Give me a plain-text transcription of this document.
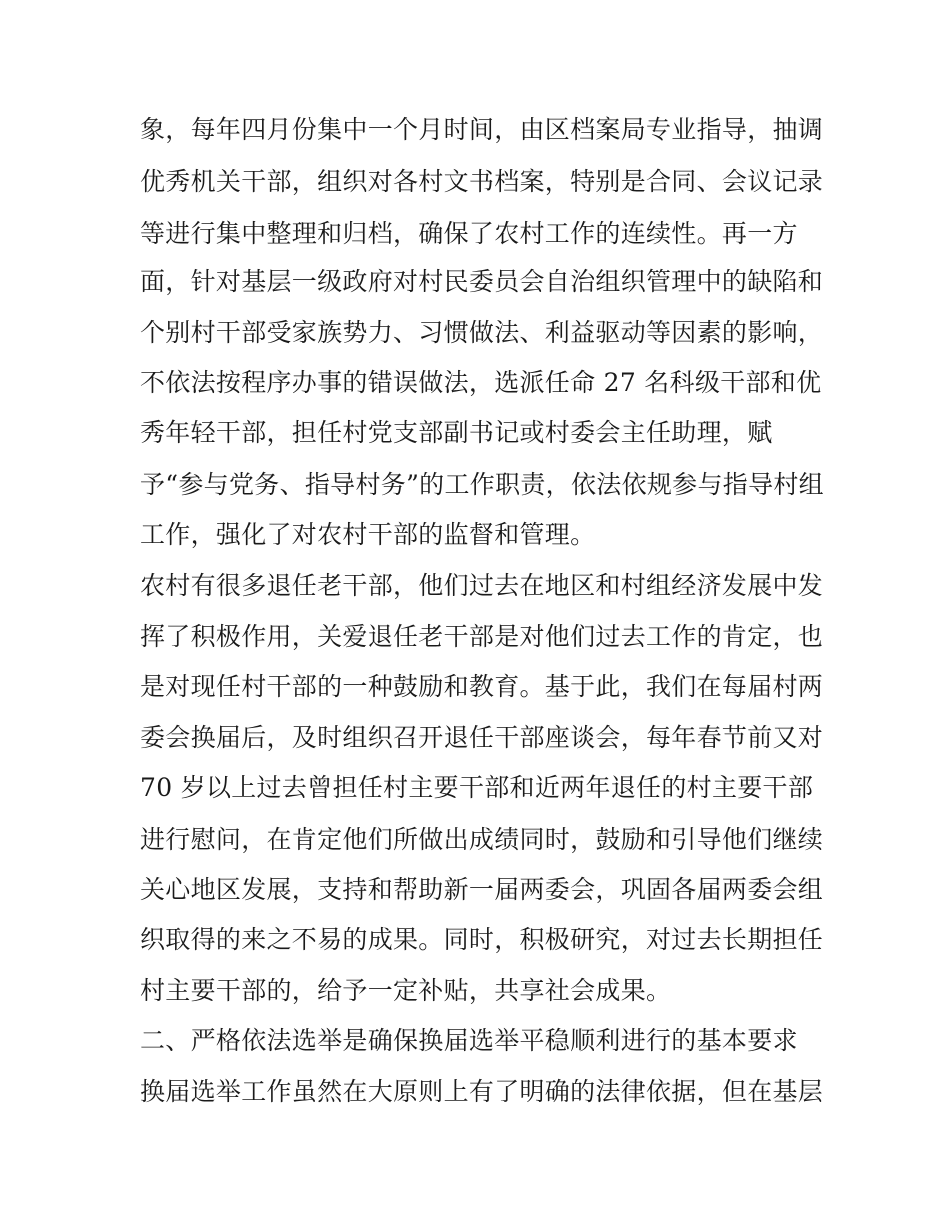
象，每年四月份集中一个月时间，由区档案局专业指导，抽调
优秀机关干部，组织对各村文书档案，特别是合同、会议记录
等进行集中整理和归档，确保了农村工作的连续性。再一方
面，针对基层一级政府对村民委员会自治组织管理中的缺陷和
个别村干部受家族势力、习惯做法、利益驱动等因素的影响，
不依法按程序办事的错误做法，选派任命 27 名科级干部和优
秀年轻干部，担任村党支部副书记或村委会主任助理，赋
予“参与党务、指导村务”的工作职责，依法依规参与指导村组
工作，强化了对农村干部的监督和管理。
农村有很多退任老干部，他们过去在地区和村组经济发展中发
挥了积极作用，关爱退任老干部是对他们过去工作的肯定，也
是对现任村干部的一种鼓励和教育。基于此，我们在每届村两
委会换届后，及时组织召开退任干部座谈会，每年春节前又对
70 岁以上过去曾担任村主要干部和近两年退任的村主要干部
进行慰问，在肯定他们所做出成绩同时，鼓励和引导他们继续
关心地区发展，支持和帮助新一届两委会，巩固各届两委会组
织取得的来之不易的成果。同时，积极研究，对过去长期担任
村主要干部的，给予一定补贴，共享社会成果。
二、严格依法选举是确保换届选举平稳顺利进行的基本要求
换届选举工作虽然在大原则上有了明确的法律依据，但在基层
